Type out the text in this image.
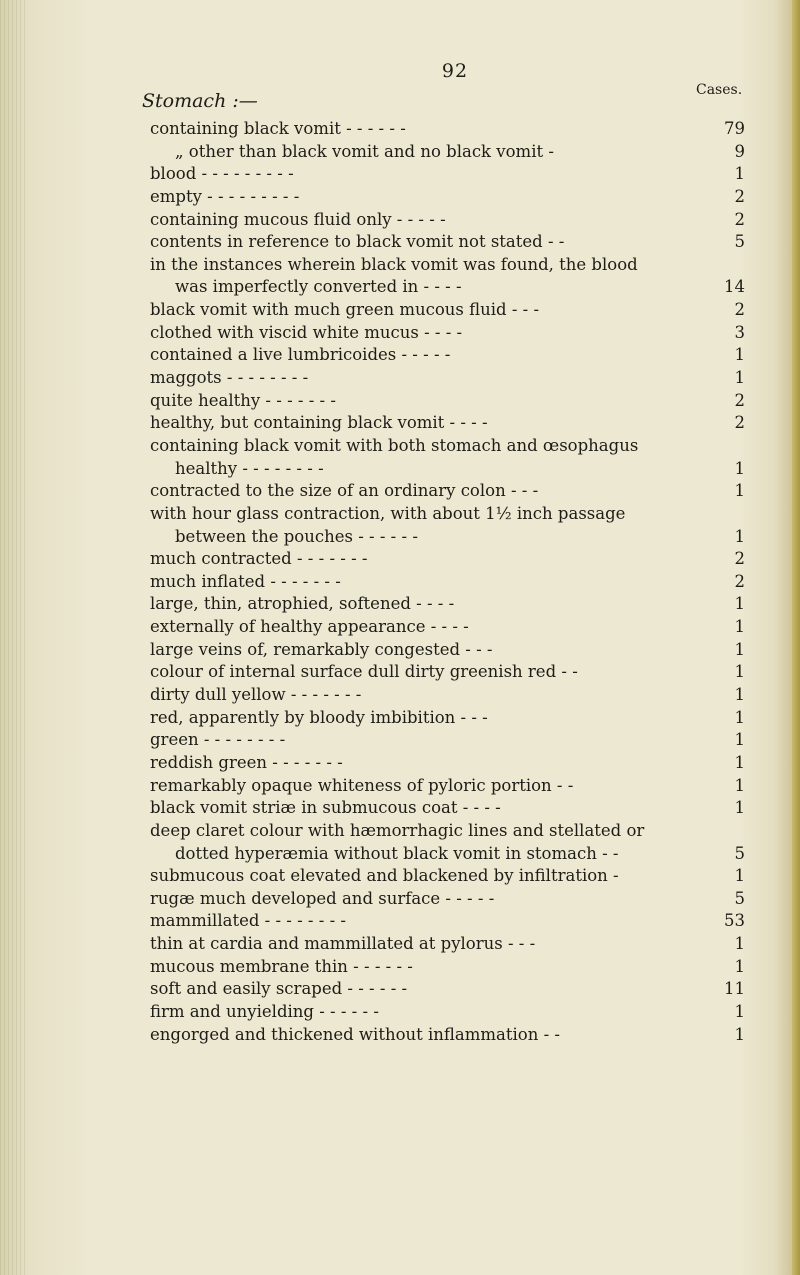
92
Stomach :—	Cases.
containing black vomit - - - - - -	79
„ other than black vomit and no black vomit -	9
blood - - - - - - - - -	1
empty - - - - - - - - -	2
containing mucous fluid only - - - - -	2
contents in reference to black vomit not stated - -	5
in the instances wherein black vomit was found, the blood
was imperfectly converted in - - - -	14
black vomit with much green mucous fluid - - -	2
clothed with viscid white mucus - - - -	3
contained a live lumbricoides - - - - -	1
maggots - - - - - - - -	1
quite healthy - - - - - - -	2
healthy, but containing black vomit - - - -	2
containing black vomit with both stomach and œsophagus
healthy - - - - - - - -	1
contracted to the size of an ordinary colon - - -	1
with hour glass contraction, with about 1½ inch passage
between the pouches - - - - - -	1
much contracted - - - - - - -	2
much inflated - - - - - - -	2
large, thin, atrophied, softened - - - -	1
externally of healthy appearance - - - -	1
large veins of, remarkably congested - - -	1
colour of internal surface dull dirty greenish red - -	1
dirty dull yellow - - - - - - -	1
red, apparently by bloody imbibition - - -	1
green - - - - - - - -	1
reddish green - - - - - - -	1
remarkably opaque whiteness of pyloric portion - -	1
black vomit striæ in submucous coat - - - -	1
deep claret colour with hæmorrhagic lines and stellated or
dotted hyperæmia without black vomit in stomach - -	5
submucous coat elevated and blackened by infiltration -	1
rugæ much developed and surface - - - - -	5
mammillated - - - - - - - -	53
thin at cardia and mammillated at pylorus - - -	1
mucous membrane thin - - - - - -	1
soft and easily scraped - - - - - -	11
firm and unyielding - - - - - -	1
engorged and thickened without inflammation - -	1
